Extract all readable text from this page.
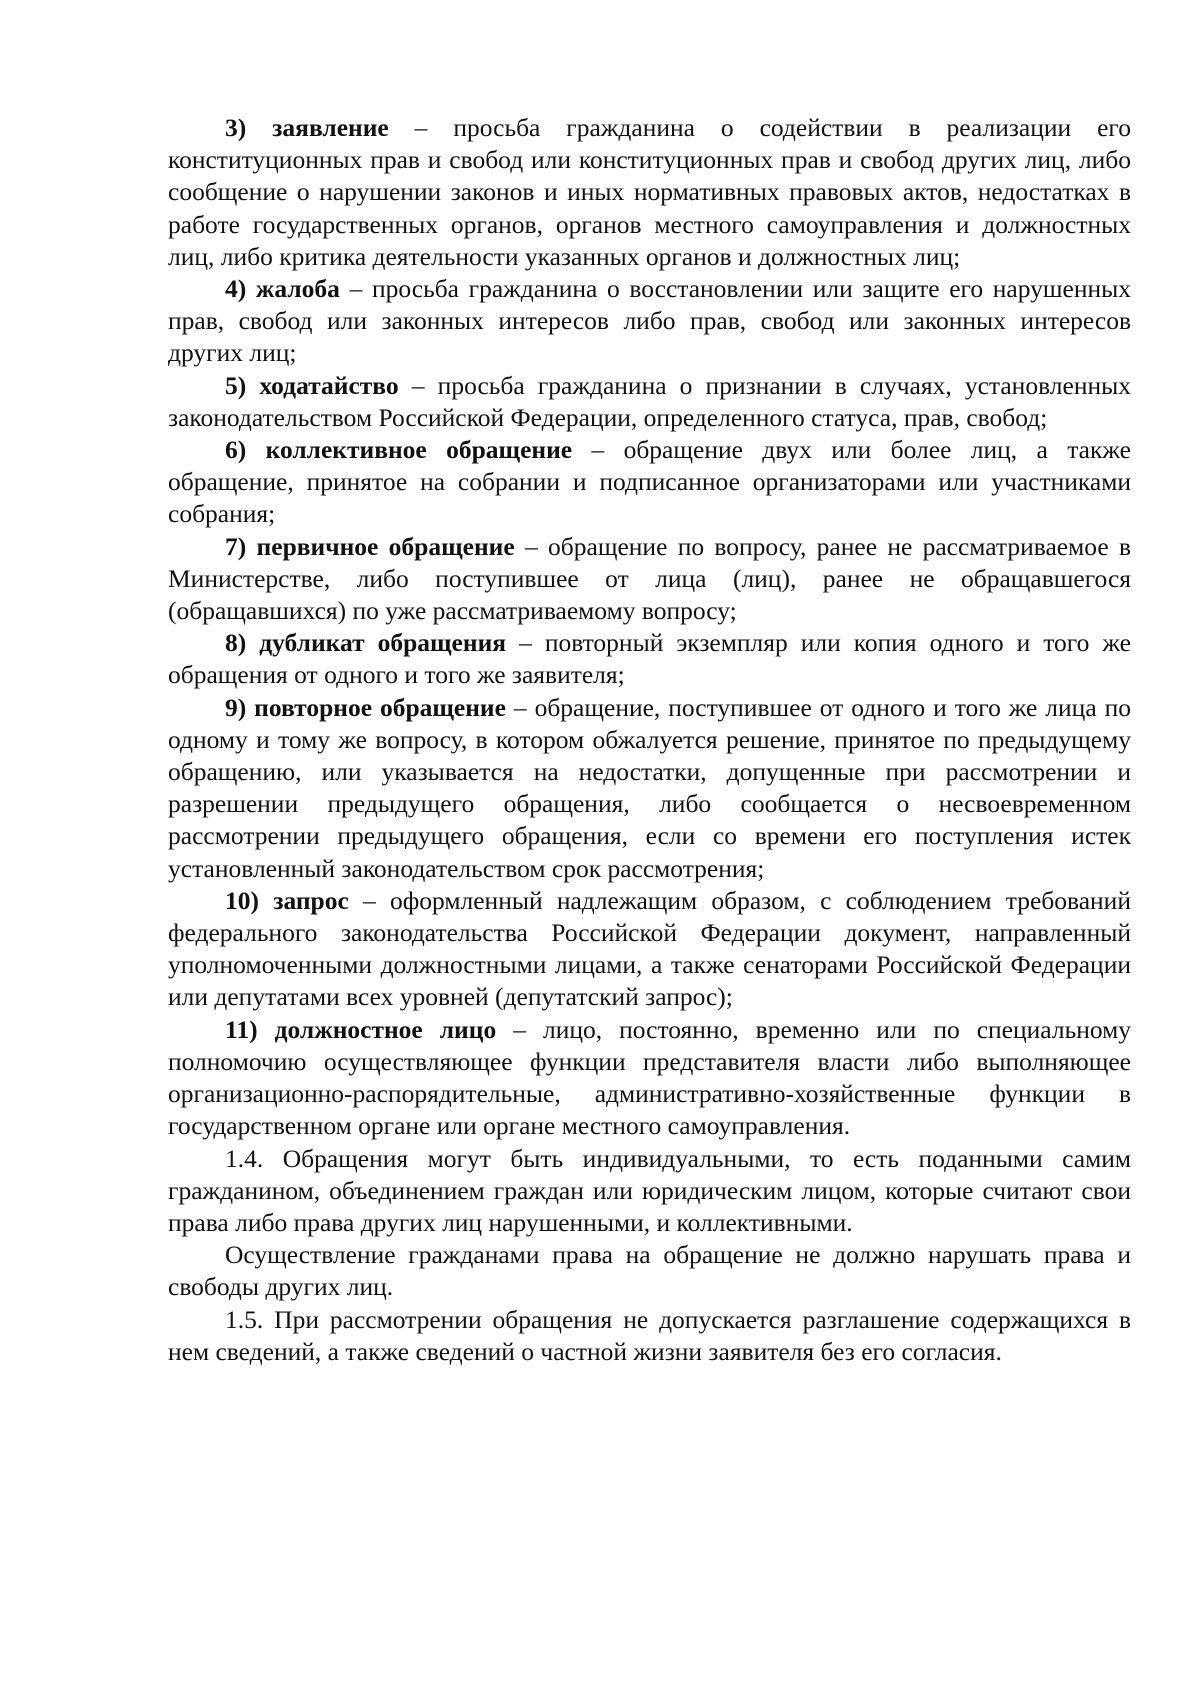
3) заявление – просьба гражданина о содействии в реализации его конституционных прав и свобод или конституционных прав и свобод других лиц, либо сообщение о нарушении законов и иных нормативных правовых актов, недостатках в работе государственных органов, органов местного самоуправления и должностных лиц, либо критика деятельности указанных органов и должностных лиц;

4) жалоба – просьба гражданина о восстановлении или защите его нарушенных прав, свобод или законных интересов либо прав, свобод или законных интересов других лиц;

5) ходатайство – просьба гражданина о признании в случаях, установленных законодательством Российской Федерации, определенного статуса, прав, свобод;

6) коллективное обращение – обращение двух или более лиц, а также обращение, принятое на собрании и подписанное организаторами или участниками собрания;

7) первичное обращение – обращение по вопросу, ранее не рассматриваемое в Министерстве, либо поступившее от лица (лиц), ранее не обращавшегося (обращавшихся) по уже рассматриваемому вопросу;

8) дубликат обращения – повторный экземпляр или копия одного и того же обращения от одного и того же заявителя;

9) повторное обращение – обращение, поступившее от одного и того же лица по одному и тому же вопросу, в котором обжалуется решение, принятое по предыдущему обращению, или указывается на недостатки, допущенные при рассмотрении и разрешении предыдущего обращения, либо сообщается о несвоевременном рассмотрении предыдущего обращения, если со времени его поступления истек установленный законодательством срок рассмотрения;

10) запрос – оформленный надлежащим образом, с соблюдением требований федерального законодательства Российской Федерации документ, направленный уполномоченными должностными лицами, а также сенаторами Российской Федерации или депутатами всех уровней (депутатский запрос);

11) должностное лицо – лицо, постоянно, временно или по специальному полномочию осуществляющее функции представителя власти либо выполняющее организационно-распорядительные, административно-хозяйственные функции в государственном органе или органе местного самоуправления.

1.4. Обращения могут быть индивидуальными, то есть поданными самим гражданином, объединением граждан или юридическим лицом, которые считают свои права либо права других лиц нарушенными, и коллективными.

Осуществление гражданами права на обращение не должно нарушать права и свободы других лиц.

1.5. При рассмотрении обращения не допускается разглашение содержащихся в нем сведений, а также сведений о частной жизни заявителя без его согласия.
